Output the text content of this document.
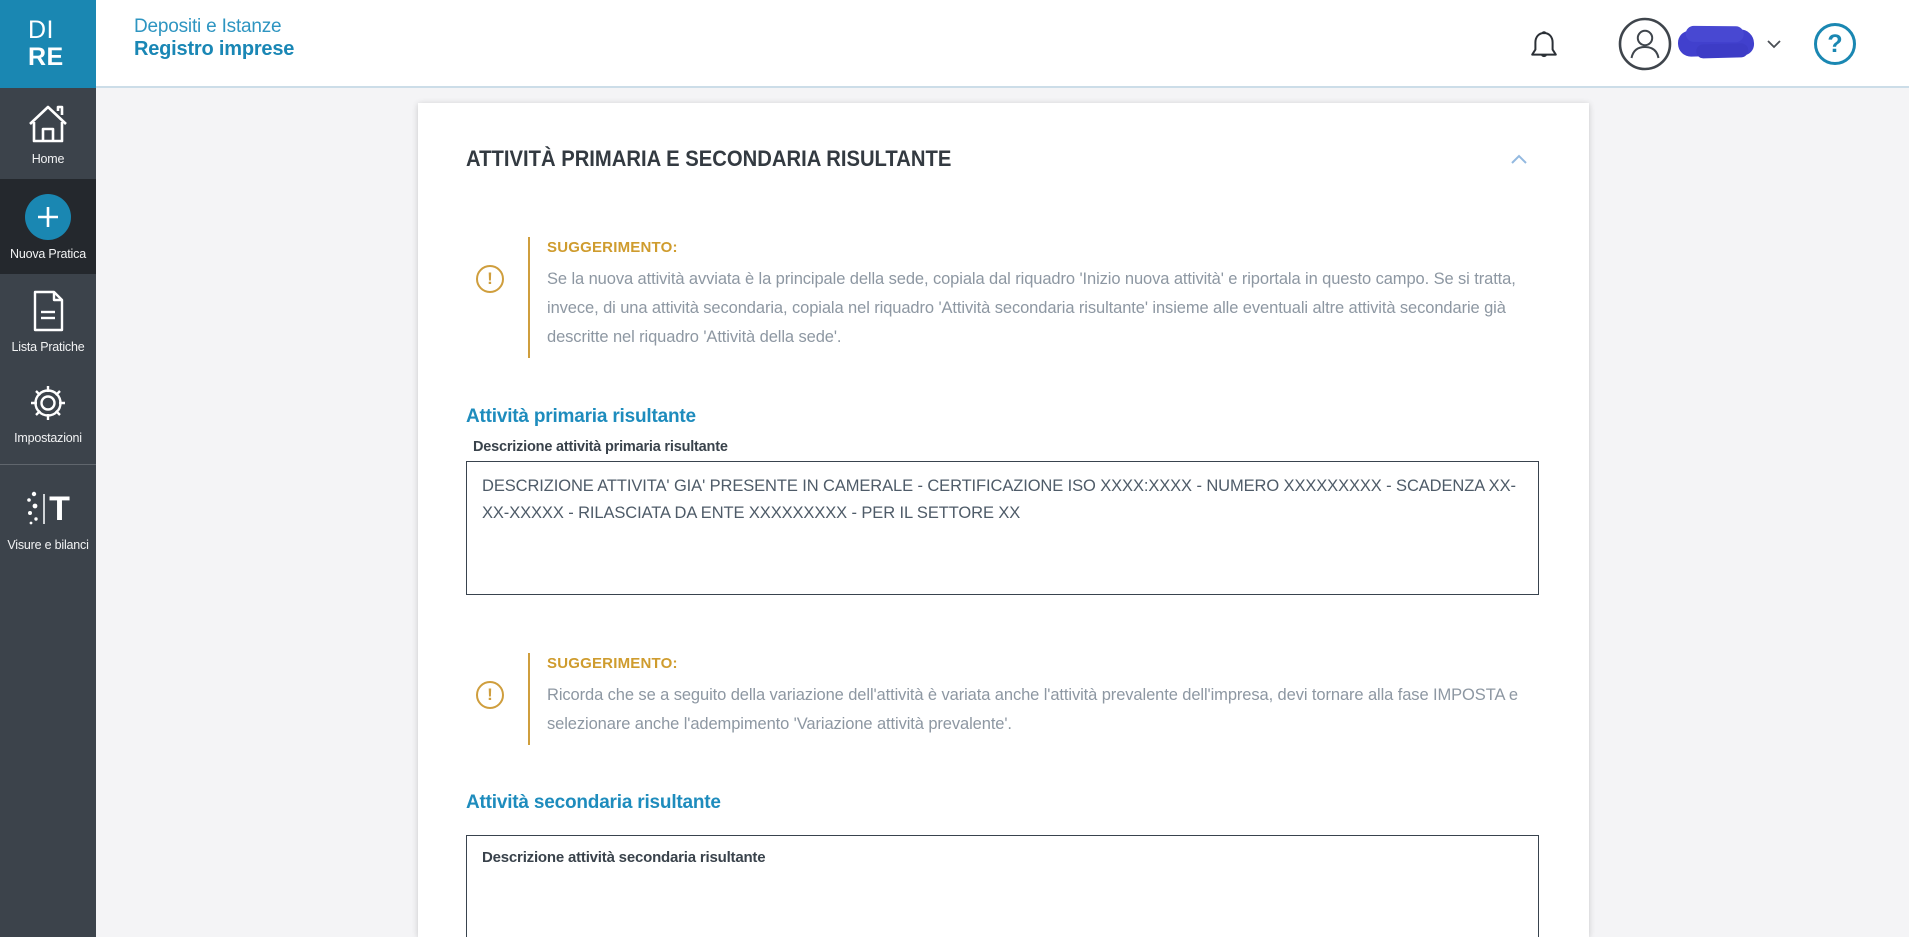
DI
RE
Depositi e Istanze
Registro imprese	?
Home
Nuova Pratica
Lista Pratiche
Impostazioni
T
Visure e bilanci
ATTIVITÀ PRIMARIA E SECONDARIA RISULTANTE
!
SUGGERIMENTO:
Se la nuova attività avviata è la principale della sede, copiala dal riquadro 'Inizio nuova attività' e riportala in questo campo. Se si tratta, invece, di una attività secondaria, copiala nel riquadro 'Attività secondaria risultante' insieme alle eventuali altre attività secondarie già descritte nel riquadro 'Attività della sede'.
Attività primaria risultante
Descrizione attività primaria risultante
DESCRIZIONE ATTIVITA' GIA' PRESENTE IN CAMERALE - CERTIFICAZIONE ISO XXXX:XXXX - NUMERO XXXXXXXXX - SCADENZA XX-XX-XXXXX - RILASCIATA DA ENTE XXXXXXXXX - PER IL SETTORE XX
!
SUGGERIMENTO:
Ricorda che se a seguito della variazione dell'attività è variata anche l'attività prevalente dell'impresa, devi tornare alla fase IMPOSTA e selezionare anche l'adempimento 'Variazione attività prevalente'.
Attività secondaria risultante
Descrizione attività secondaria risultante
